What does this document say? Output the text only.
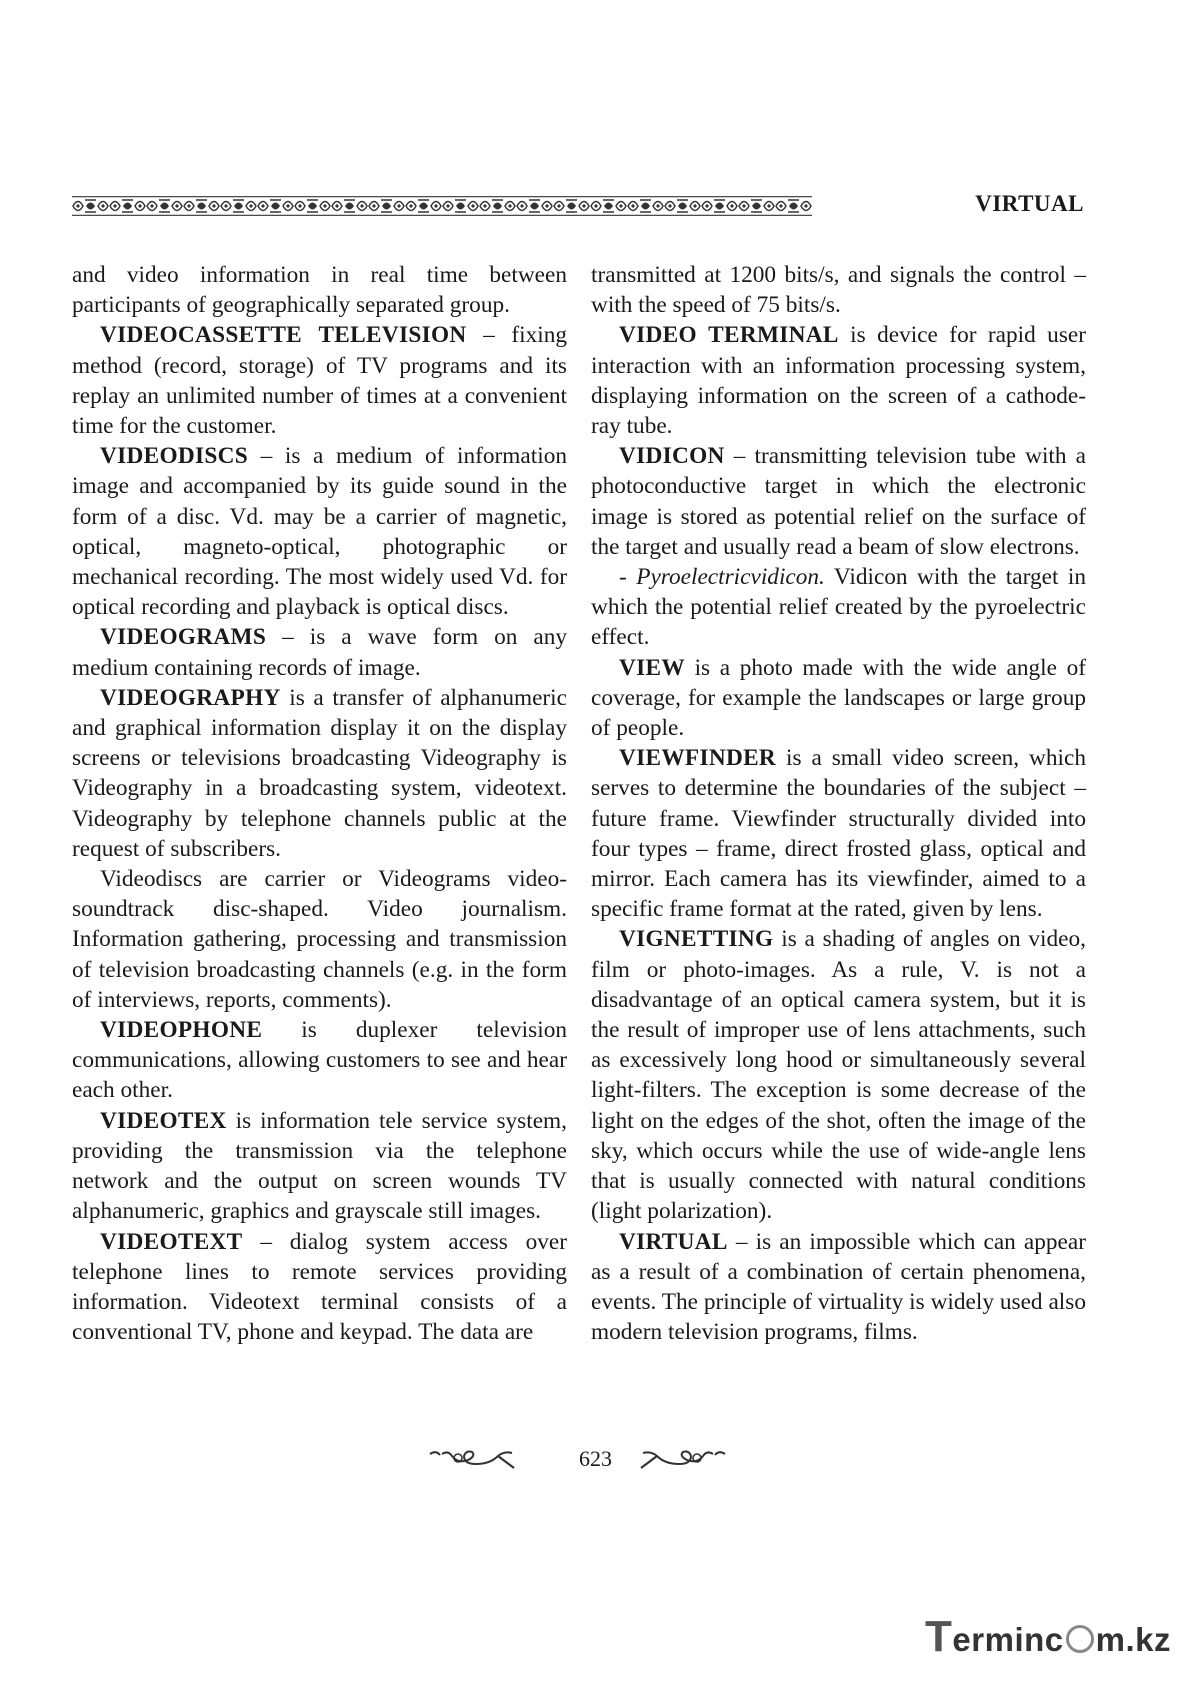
VIRTUAL

and video information in real time between participants of geographically separated group.

VIDEOCASSETTE TELEVISION – fixing method (record, storage) of TV programs and its replay an unlimited number of times at a convenient time for the customer.

VIDEODISCS – is a medium of information image and accompanied by its guide sound in the form of a disc. Vd. may be a carrier of magnetic, optical, magneto-optical, photographic or mechanical recording. The most widely used Vd. for optical recording and playback is optical discs.

VIDEOGRAMS – is a wave form on any medium containing records of image.

VIDEOGRAPHY is a transfer of alphanumeric and graphical information display it on the display screens or televisions broadcasting Videography is Videography in a broadcasting system, videotext. Videography by telephone channels public at the request of subscribers.

Videodiscs are carrier or Videograms video-soundtrack disc-shaped. Video journalism. Information gathering, processing and transmission of television broadcasting channels (e.g. in the form of interviews, reports, comments).

VIDEOPHONE is duplexer television communications, allowing customers to see and hear each other.

VIDEOTEX is information tele service system, providing the transmission via the telephone network and the output on screen wounds TV alphanumeric, graphics and grayscale still images.

VIDEOTEXT – dialog system access over telephone lines to remote services providing information. Videotext terminal consists of a conventional TV, phone and keypad. The data are

transmitted at 1200 bits/s, and signals the control – with the speed of 75 bits/s.

VIDEO TERMINAL is device for rapid user interaction with an information processing system, displaying information on the screen of a cathode-ray tube.

VIDICON – transmitting television tube with a photoconductive target in which the electronic image is stored as potential relief on the surface of the target and usually read a beam of slow electrons.

- Pyroelectricvidicon. Vidicon with the target in which the potential relief created by the pyroelectric effect.

VIEW is a photo made with the wide angle of coverage, for example the landscapes or large group of people.

VIEWFINDER is a small video screen, which serves to determine the boundaries of the subject – future frame. Viewfinder structurally divided into four types – frame, direct frosted glass, optical and mirror. Each camera has its viewfinder, aimed to a specific frame format at the rated, given by lens.

VIGNETTING is a shading of angles on video, film or photo-images. As a rule, V. is not a disadvantage of an optical camera system, but it is the result of improper use of lens attachments, such as excessively long hood or simultaneously several light-filters. The exception is some decrease of the light on the edges of the shot, often the image of the sky, which occurs while the use of wide-angle lens that is usually connected with natural conditions (light polarization).

VIRTUAL – is an impossible which can appear as a result of a combination of certain phenomena, events. The principle of virtuality is widely used also modern television programs, films.

623
Terminc m.kz
